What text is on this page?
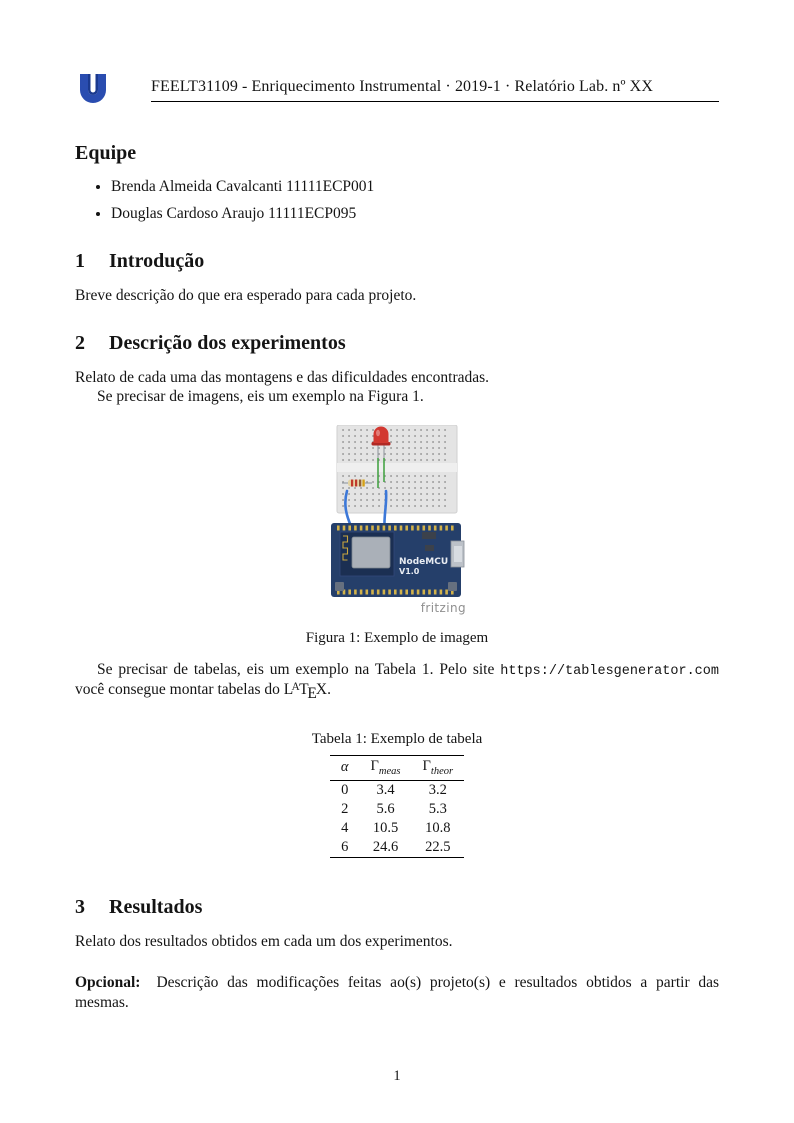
FEELT31109 - Enriquecimento Instrumental · 2019-1 · Relatório Lab. nº XX
Equipe
• Brenda Almeida Cavalcanti 11111ECP001
• Douglas Cardoso Araujo 11111ECP095
1 Introdução

Breve descrição do que era esperado para cada projeto.

2 Descrição dos experimentos

Relato de cada uma das montagens e das dificuldades encontradas.

Se precisar de imagens, eis um exemplo na Figura 1.

NodeMCU
V1.0
fritzing
Figura 1: Exemplo de imagem

Se precisar de tabelas, eis um exemplo na Tabela 1. Pelo site https://tablesgenerator.com você consegue montar tabelas do $L^ATEX$.

Tabela 1: Exemplo de tabela
α	$\Gamma_{meas}$	$\Gamma_{theor}$
0	3.4	3.2
2	5.6	5.3
4	10.5	10.8
6	24.6	22.5
3 Resultados

Relato dos resultados obtidos em cada um dos experimentos.

Opcional: Descrição das modificações feitas ao(s) projeto(s) e resultados obtidos a partir das mesmas.

1
